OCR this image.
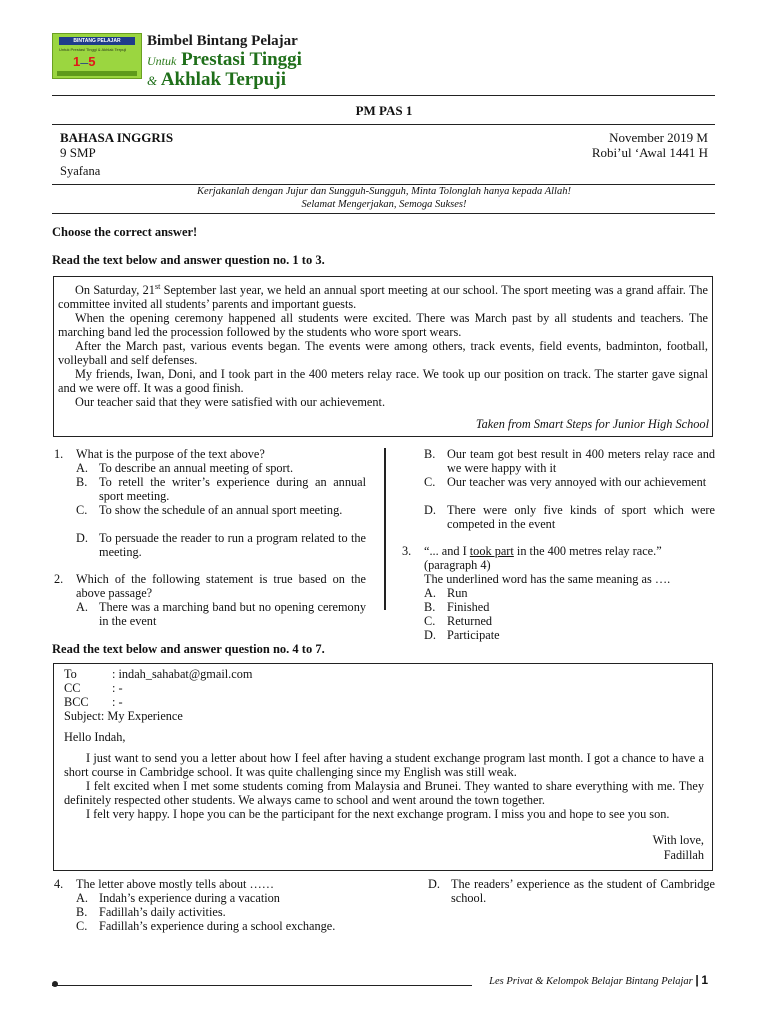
BINTANG PELAJAR
Untuk Prestasi Tinggi & Akhlak Terpuji
1—5
Bimbel Bintang Pelajar
Untuk Prestasi Tinggi
& Akhlak Terpuji
PM PAS 1
BAHASA INGGRIS
9 SMP
Syafana
November 2019 M
Robi’ul ‘Awal 1441 H
Kerjakanlah dengan Jujur dan Sungguh-Sungguh, Minta Tolonglah hanya kepada Allah!
Selamat Mengerjakan, Semoga Sukses!
Choose the correct answer!
Read the text below and answer question no. 1 to 3.

On Saturday, 21st September last year, we held an annual sport meeting at our school. The sport meeting was a grand affair. The committee invited all students’ parents and important guests.

When the opening ceremony happened all students were excited. There was March past by all students and teachers. The marching band led the procession followed by the students who wore sport wears.

After the March past, various events began. The events were among others, track events, field events, badminton, football, volleyball and self defenses.

My friends, Iwan, Doni, and I took part in the 400 meters relay race. We took up our position on track. The starter gave signal and we were off. It was a good finish.

Our teacher said that they were satisfied with our achievement.

Taken from Smart Steps for Junior High School
1. What is the purpose of the text above?
A. To describe an annual meeting of sport.
B. To retell the writer’s experience during an annual sport meeting.
C. To show the schedule of an annual sport meeting.
D. To persuade the reader to run a program related to the meeting.
2. Which of the following statement is true based on the above passage?
A. There was a marching band but no opening ceremony in the event
B. Our team got best result in 400 meters relay race and we were happy with it
C. Our teacher was very annoyed with our achievement
D. There were only five kinds of sport which were competed in the event
3. “... and I took part in the 400 metres relay race.”
(paragraph 4)
The underlined word has the same meaning as ….
A. Run
B. Finished
C. Returned
D. Participate
Read the text below and answer question no. 4 to 7.
To	: indah_sahabat@gmail.com
CC	: -
BCC : -
Subject: My Experience
Hello Indah,

I just want to send you a letter about how I feel after having a student exchange program last month. I got a chance to have a short course in Cambridge school. It was quite challenging since my English was still weak.

I felt excited when I met some students coming from Malaysia and Brunei. They wanted to share everything with me. They definitely respected other students. We always came to school and went around the town together.

I felt very happy. I hope you can be the participant for the next exchange program. I miss you and hope to see you son.

With love,
Fadillah
4. The letter above mostly tells about ……
A. Indah’s experience during a vacation
B. Fadillah’s daily activities.
C. Fadillah’s experience during a school exchange.
D. The readers’ experience as the student of Cambridge school.
Les Privat & Kelompok Belajar Bintang Pelajar | 1
